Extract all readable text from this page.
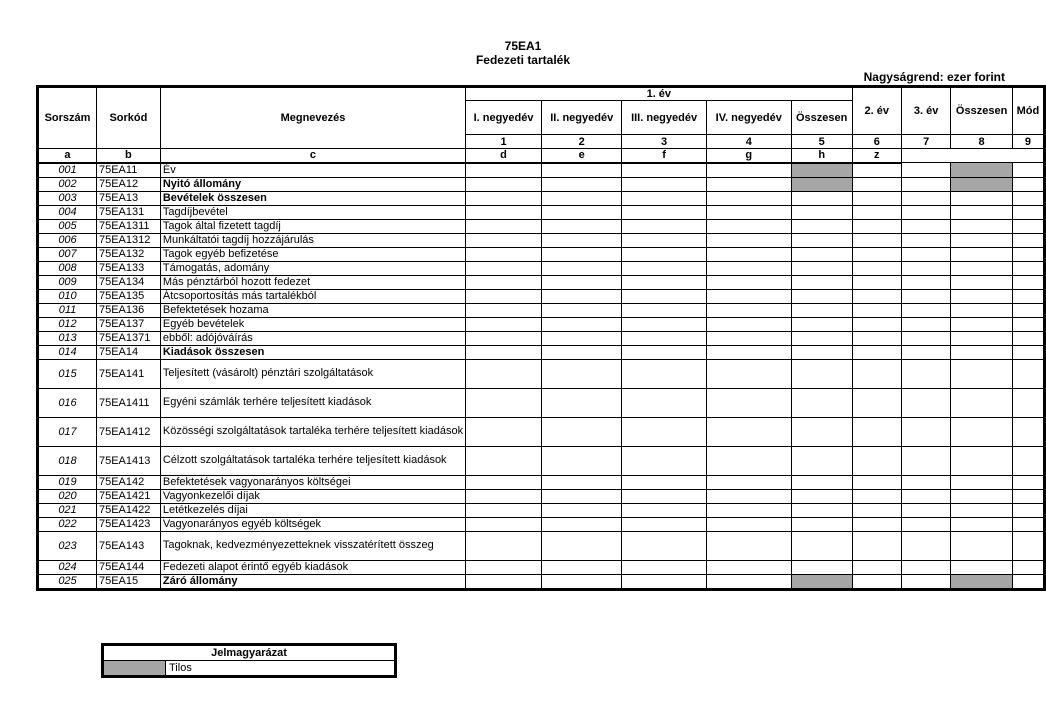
75EA1
Fedezeti tartalék
Nagyságrend: ezer forint
Sorszám	Sorkód	Megnevezés	1. év					2. év	3. év	Összesen	Mód
			I. negyedév	II. negyedév	III. negyedév	IV. negyedév	Összesen				
			1	2	3	4	5	6	7	8	9
a	b	c	d	e	f	g	h	z			
001	75EA11	Év									
002	75EA12	Nyitó állomány									
003	75EA13	Bevételek összesen									
004	75EA131	Tagdíjbevétel									
005	75EA1311	Tagok által fizetett tagdíj									
006	75EA1312	Munkáltatói tagdíj hozzájárulás									
007	75EA132	Tagok egyéb befizetése									
008	75EA133	Támogatás, adomány									
009	75EA134	Más pénztárból hozott fedezet									
010	75EA135	Átcsoportosítás más tartalékból									
011	75EA136	Befektetések hozama									
012	75EA137	Egyéb bevételek									
013	75EA1371	ebből: adójóváírás									
014	75EA14	Kiadások összesen									
015	75EA141	Teljesített (vásárolt) pénztári szolgáltatások									
016	75EA1411	Egyéni számlák terhére teljesített kiadások									
017	75EA1412	Közösségi szolgáltatások tartaléka terhére teljesített kiadások									
018	75EA1413	Célzott szolgáltatások tartaléka terhére teljesített kiadások									
019	75EA142	Befektetések vagyonarányos költségei									
020	75EA1421	Vagyonkezelői díjak									
021	75EA1422	Letétkezelés díjai									
022	75EA1423	Vagyonarányos egyéb költségek									
023	75EA143	Tagoknak, kedvezményezetteknek visszatérített összeg									
024	75EA144	Fedezeti alapot érintő egyéb kiadások									
025	75EA15	Záró állomány									
Jelmagyarázat
	Tilos
